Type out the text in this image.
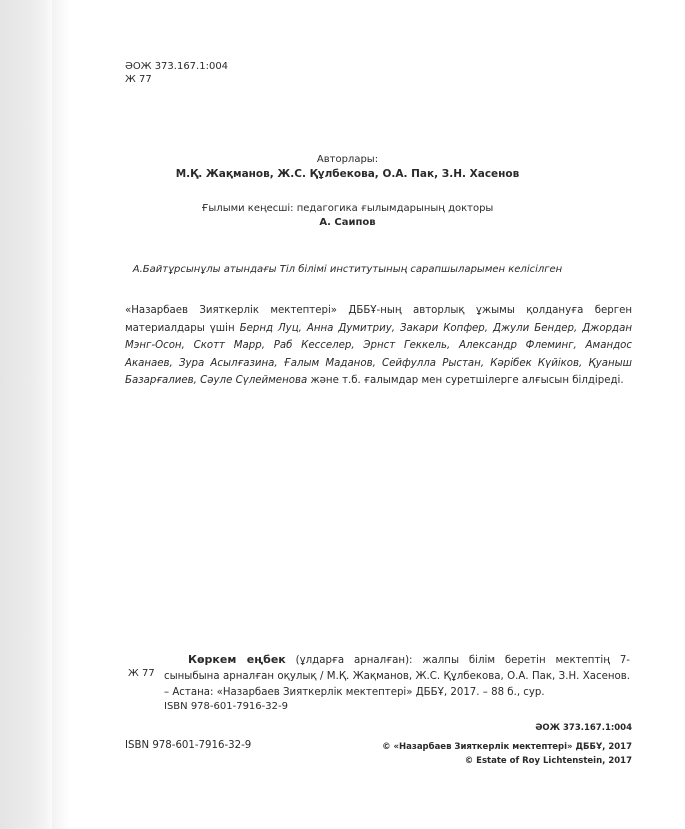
ӘОЖ 373.167.1:004
Ж 77
Авторлары:
М.Қ. Жақманов, Ж.С. Құлбекова, О.А. Пак, З.Н. Хасенов
Ғылыми кеңесші: педагогика ғылымдарының докторы
А. Саипов
А.Байтұрсынұлы атындағы Тіл білімі институтының сарапшыларымен келісілген
«Назарбаев Зияткерлік мектептері» ДББҰ-ның авторлық ұжымы қолдануға берген материалдары үшін Бернд Луц, Анна Думитриу, Закари Копфер, Джули Бендер, Джордан Мэнг-Осон, Скотт Марр, Раб Кесселер, Эрнст Геккель, Александр Флеминг, Амандос Аканаев, Зура Асылғазина, Ғалым Маданов, Сейфулла Рыстан, Кәрібек Күйіков, Қуаныш Базарғалиев, Сәуле Сүлейменова және т.б. ғалымдар мен суретшілерге алғысын білдіреді.
Ж 77
Көркем еңбек (ұлдарға арналған): жалпы білім беретін мектептің 7-сыныбына арналған оқулық / М.Қ. Жақманов, Ж.С. Құлбекова, О.А. Пак, З.Н. Хасенов. – Астана: «Назарбаев Зияткерлік мектептері» ДББҰ, 2017. – 88 б., сур.
ISBN 978-601-7916-32-9
ӘОЖ 373.167.1:004
ISBN 978-601-7916-32-9	© «Назарбаев Зияткерлік мектептері» ДББҰ, 2017
© Estate of Roy Lichtenstein, 2017
